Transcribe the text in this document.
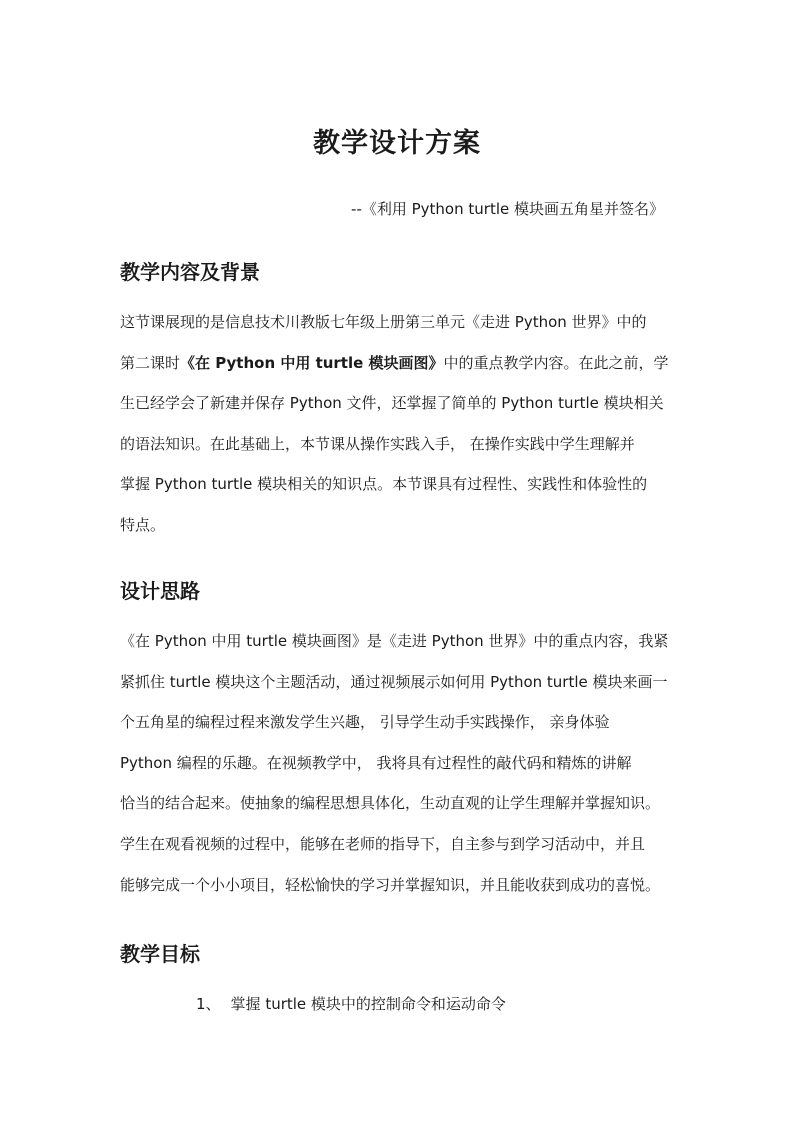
教学设计方案
--《利用 Python turtle 模块画五角星并签名》
教学内容及背景

这节课展现的是信息技术川教版七年级上册第三单元《走进 Python 世界》中的
第二课时《在 Python 中用 turtle 模块画图》中的重点教学内容。在此之前，学
生已经学会了新建并保存 Python 文件，还掌握了简单的 Python turtle 模块相关
的语法知识。在此基础上，本节课从操作实践入手， 在操作实践中学生理解并
掌握 Python turtle 模块相关的知识点。本节课具有过程性、实践性和体验性的
特点。

设计思路

《在 Python 中用 turtle 模块画图》是《走进 Python 世界》中的重点内容，我紧
紧抓住 turtle 模块这个主题活动，通过视频展示如何用 Python turtle 模块来画一
个五角星的编程过程来激发学生兴趣， 引导学生动手实践操作， 亲身体验
Python 编程的乐趣。在视频教学中， 我将具有过程性的敲代码和精炼的讲解
恰当的结合起来。使抽象的编程思想具体化，生动直观的让学生理解并掌握知识。
学生在观看视频的过程中，能够在老师的指导下，自主参与到学习活动中，并且
能够完成一个小小项目，轻松愉快的学习并掌握知识，并且能收获到成功的喜悦。

教学目标
1、 掌握 turtle 模块中的控制命令和运动命令
